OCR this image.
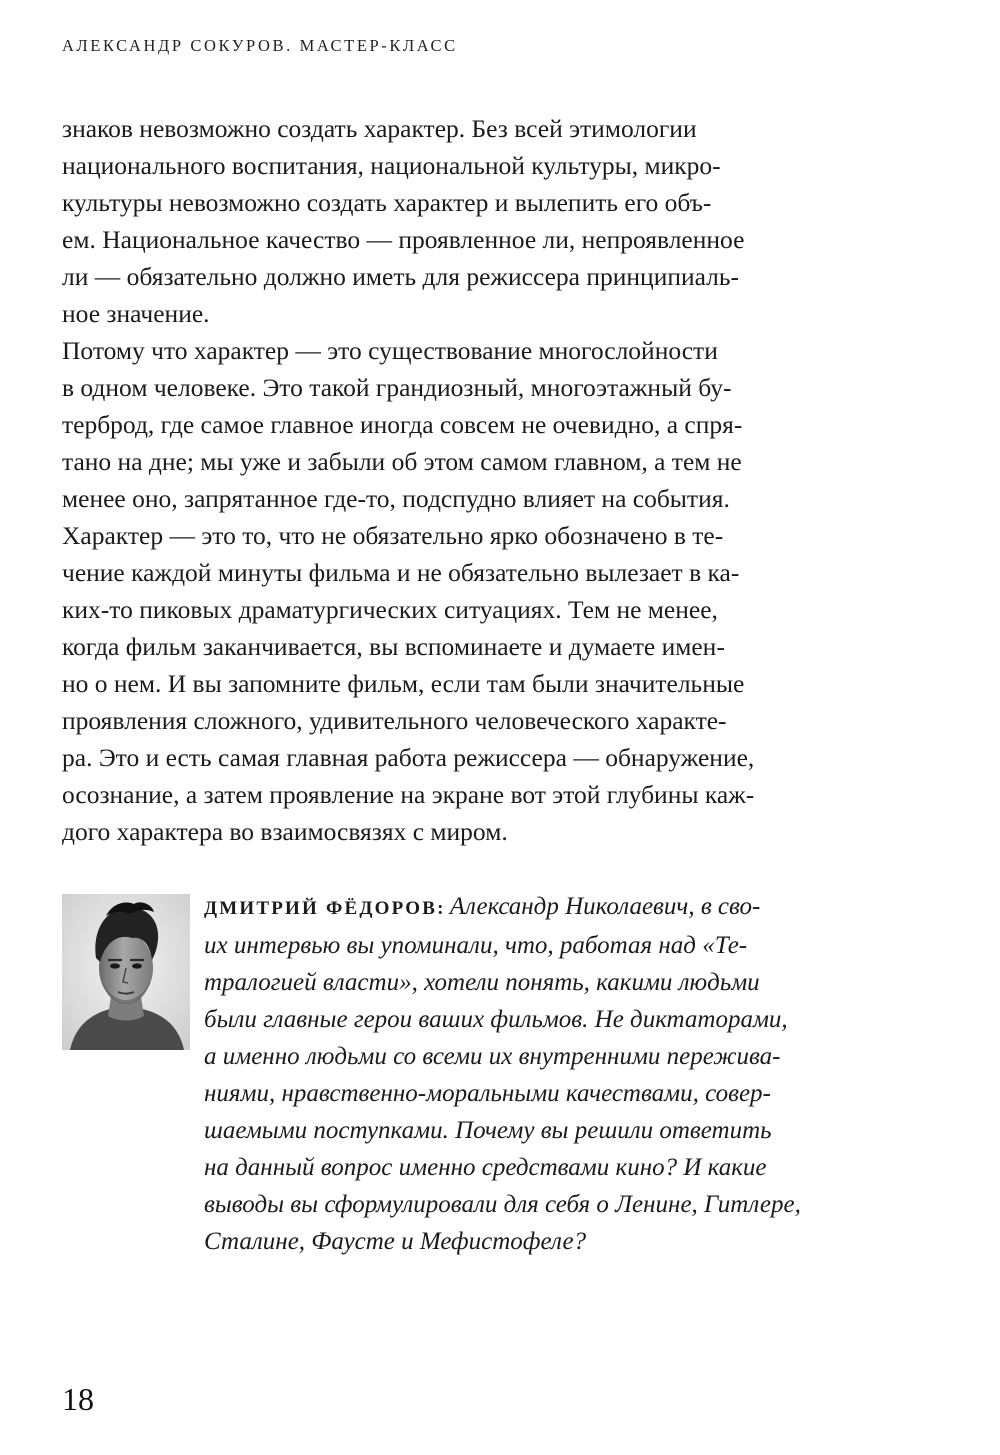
АЛЕКСАНДР СОКУРОВ. МАСТЕР-КЛАСС
знаков невозможно создать характер. Без всей этимологии
национального воспитания, национальной культуры, микро-
культуры невозможно создать характер и вылепить его объ-
ем. Национальное качество — проявленное ли, непроявленное
ли — обязательно должно иметь для режиссера принципиаль-
ное значение.
Потому что характер — это существование многослойности
в одном человеке. Это такой грандиозный, многоэтажный бу-
терброд, где самое главное иногда совсем не очевидно, а спря-
тано на дне; мы уже и забыли об этом самом главном, а тем не
менее оно, запрятанное где-то, подспудно влияет на события.
Характер — это то, что не обязательно ярко обозначено в те-
чение каждой минуты фильма и не обязательно вылезает в ка-
ких-то пиковых драматургических ситуациях. Тем не менее,
когда фильм заканчивается, вы вспоминаете и думаете имен-
но о нем. И вы запомните фильм, если там были значительные
проявления сложного, удивительного человеческого характе-
ра. Это и есть самая главная работа режиссера — обнаружение,
осознание, а затем проявление на экране вот этой глубины каж-
дого характера во взаимосвязях с миром.
ДМИТРИЙ ФЁДОРОВ: Александр Николаевич, в сво-
их интервью вы упоминали, что, работая над «Те-
тралогией власти», хотели понять, какими людьми
были главные герои ваших фильмов. Не диктаторами,
а именно людьми со всеми их внутренними пережива-
ниями, нравственно-моральными качествами, совер-
шаемыми поступками. Почему вы решили ответить
на данный вопрос именно средствами кино? И какие
выводы вы сформулировали для себя о Ленине, Гитлере,
Сталине, Фаусте и Мефистофеле?
18
